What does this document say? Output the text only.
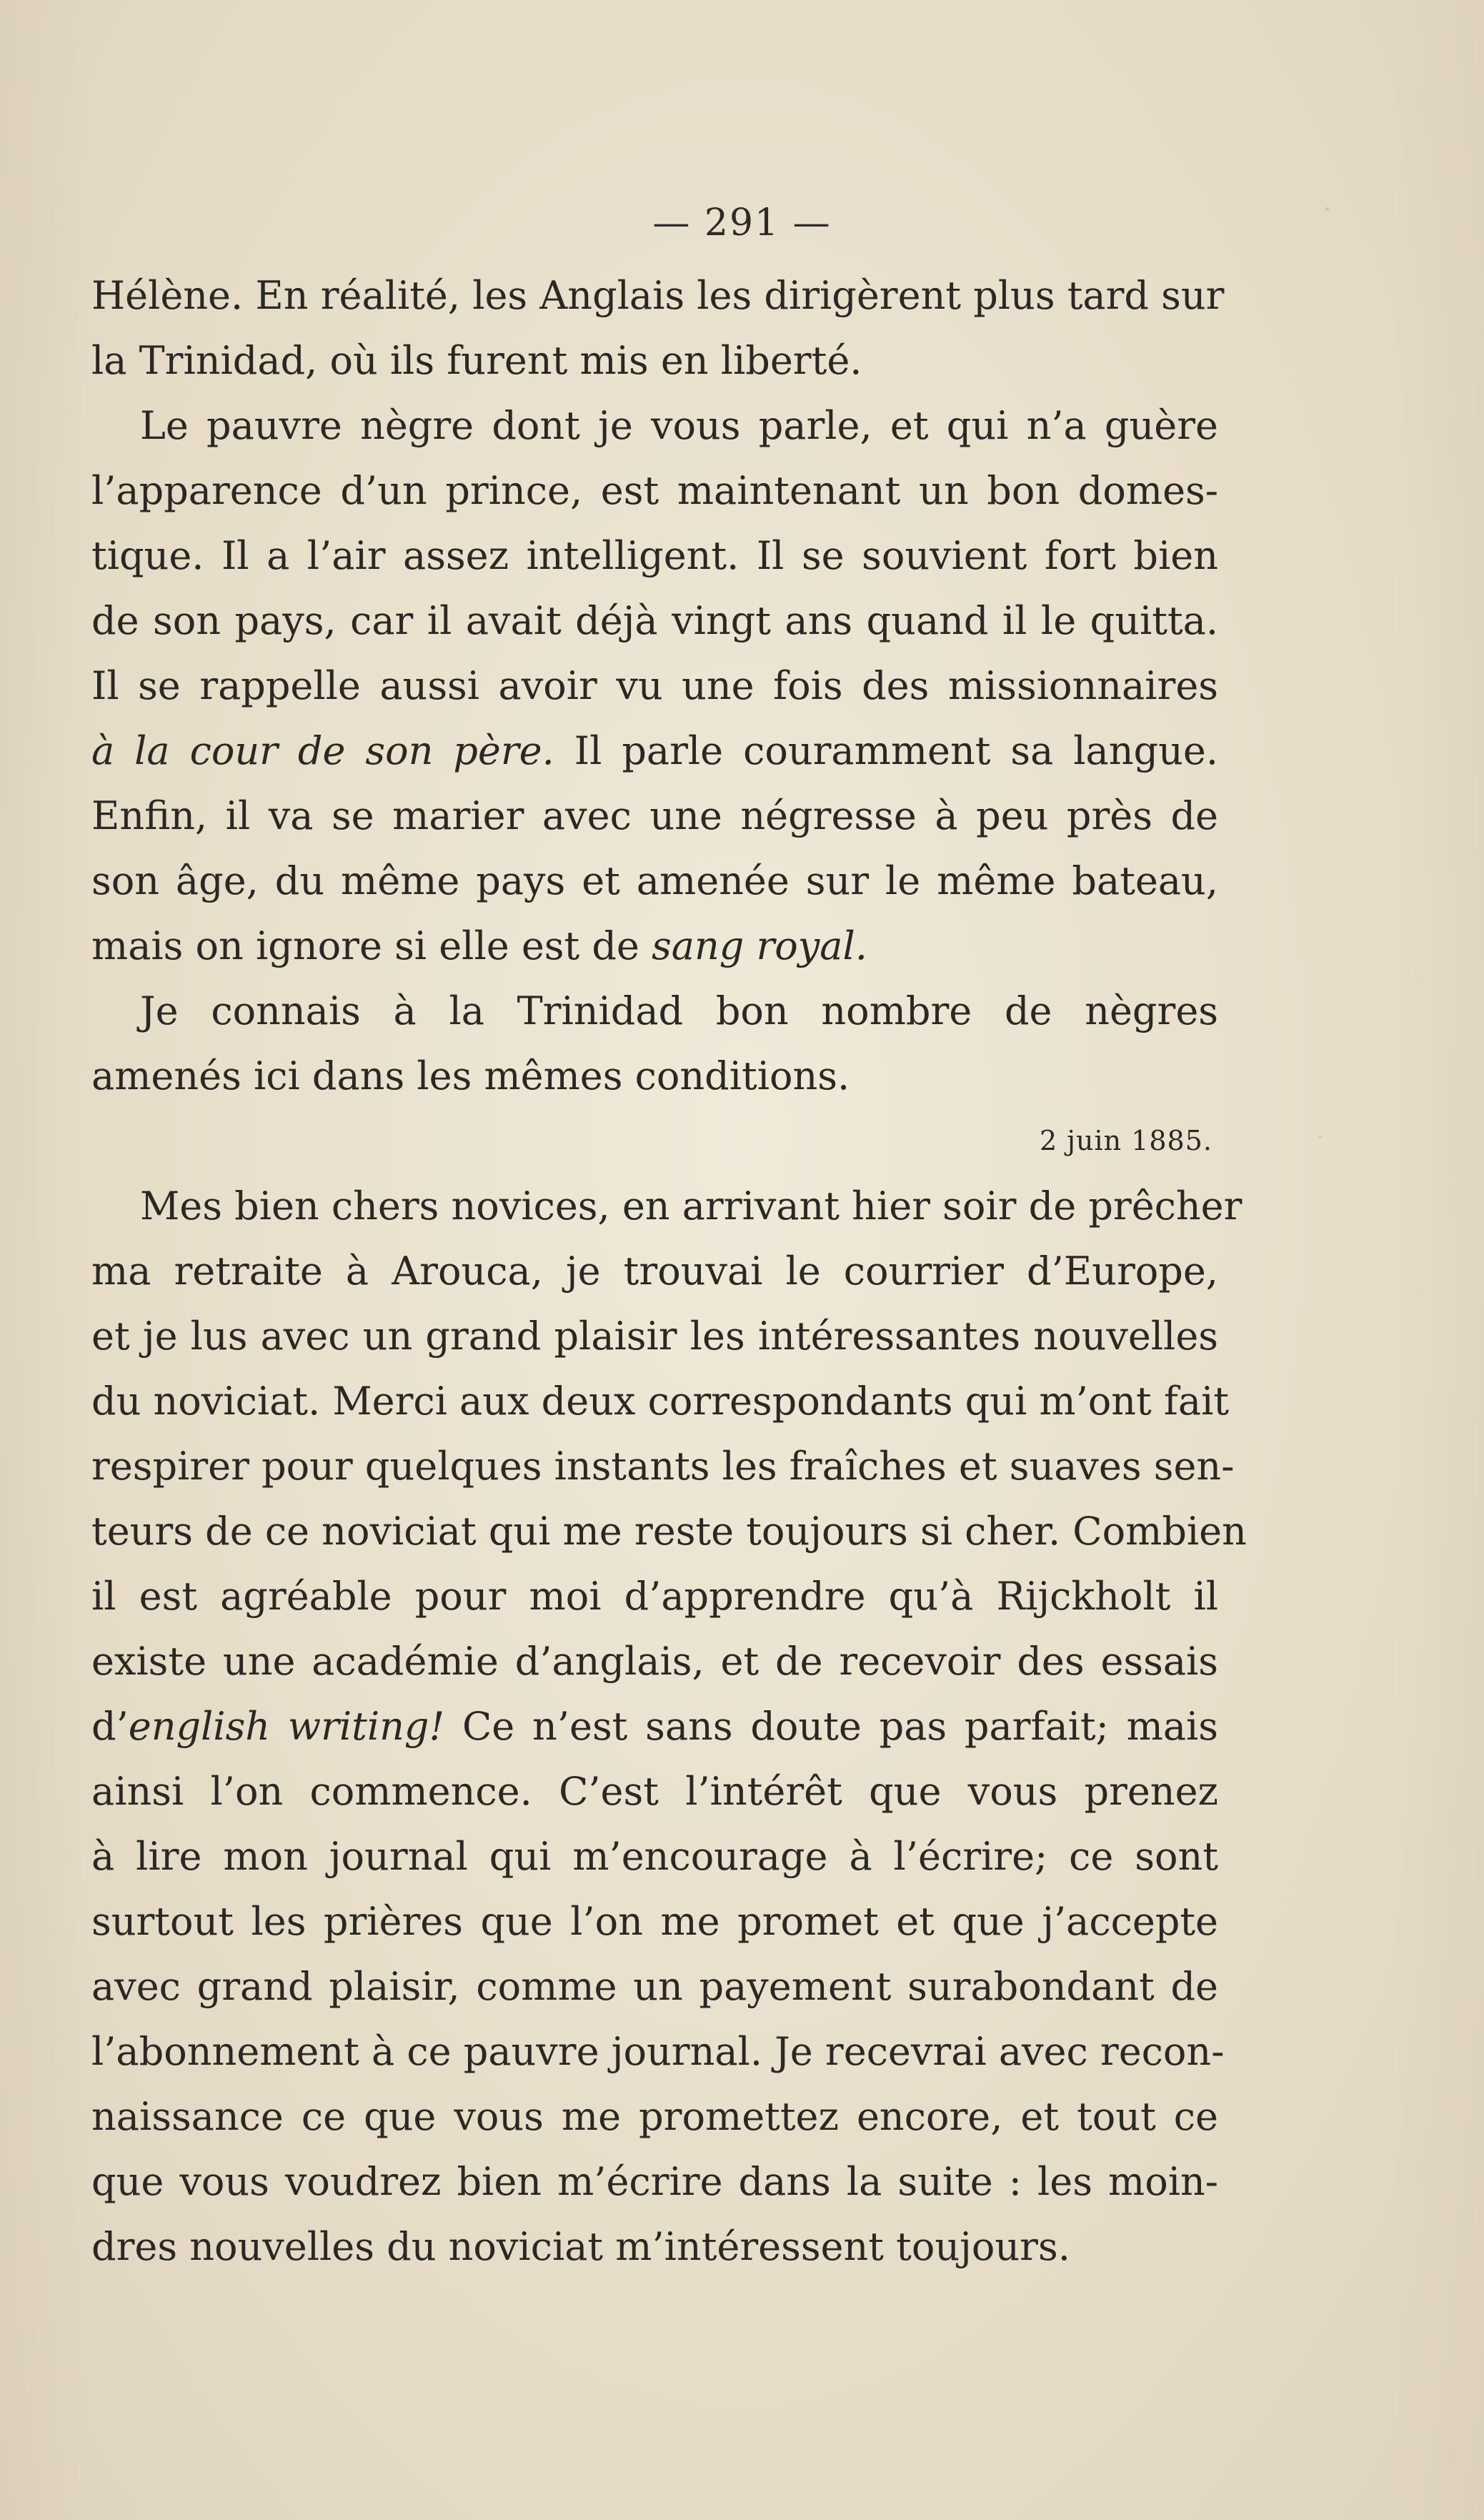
— 291 —
Hélène. En réalité, les Anglais les dirigèrent plus tard sur
la Trinidad, où ils furent mis en liberté.
Le pauvre nègre dont je vous parle, et qui n’a guère
l’apparence d’un prince, est maintenant un bon domes-
tique. Il a l’air assez intelligent. Il se souvient fort bien
de son pays, car il avait déjà vingt ans quand il le quitta.
Il se rappelle aussi avoir vu une fois des missionnaires
à la cour de son père. Il parle couramment sa langue.
Enfin, il va se marier avec une négresse à peu près de
son âge, du même pays et amenée sur le même bateau,
mais on ignore si elle est de sang royal.
Je connais à la Trinidad bon nombre de nègres
amenés ici dans les mêmes conditions.
2 juin 1885.
Mes bien chers novices, en arrivant hier soir de prêcher
ma retraite à Arouca, je trouvai le courrier d’Europe,
et je lus avec un grand plaisir les intéressantes nouvelles
du noviciat. Merci aux deux correspondants qui m’ont fait
respirer pour quelques instants les fraîches et suaves sen-
teurs de ce noviciat qui me reste toujours si cher. Combien
il est agréable pour moi d’apprendre qu’à Rijckholt il
existe une académie d’anglais, et de recevoir des essais
d’english writing! Ce n’est sans doute pas parfait; mais
ainsi l’on commence. C’est l’intérêt que vous prenez
à lire mon journal qui m’encourage à l’écrire; ce sont
surtout les prières que l’on me promet et que j’accepte
avec grand plaisir, comme un payement surabondant de
l’abonnement à ce pauvre journal. Je recevrai avec recon-
naissance ce que vous me promettez encore, et tout ce
que vous voudrez bien m’écrire dans la suite : les moin-
dres nouvelles du noviciat m’intéressent toujours.
